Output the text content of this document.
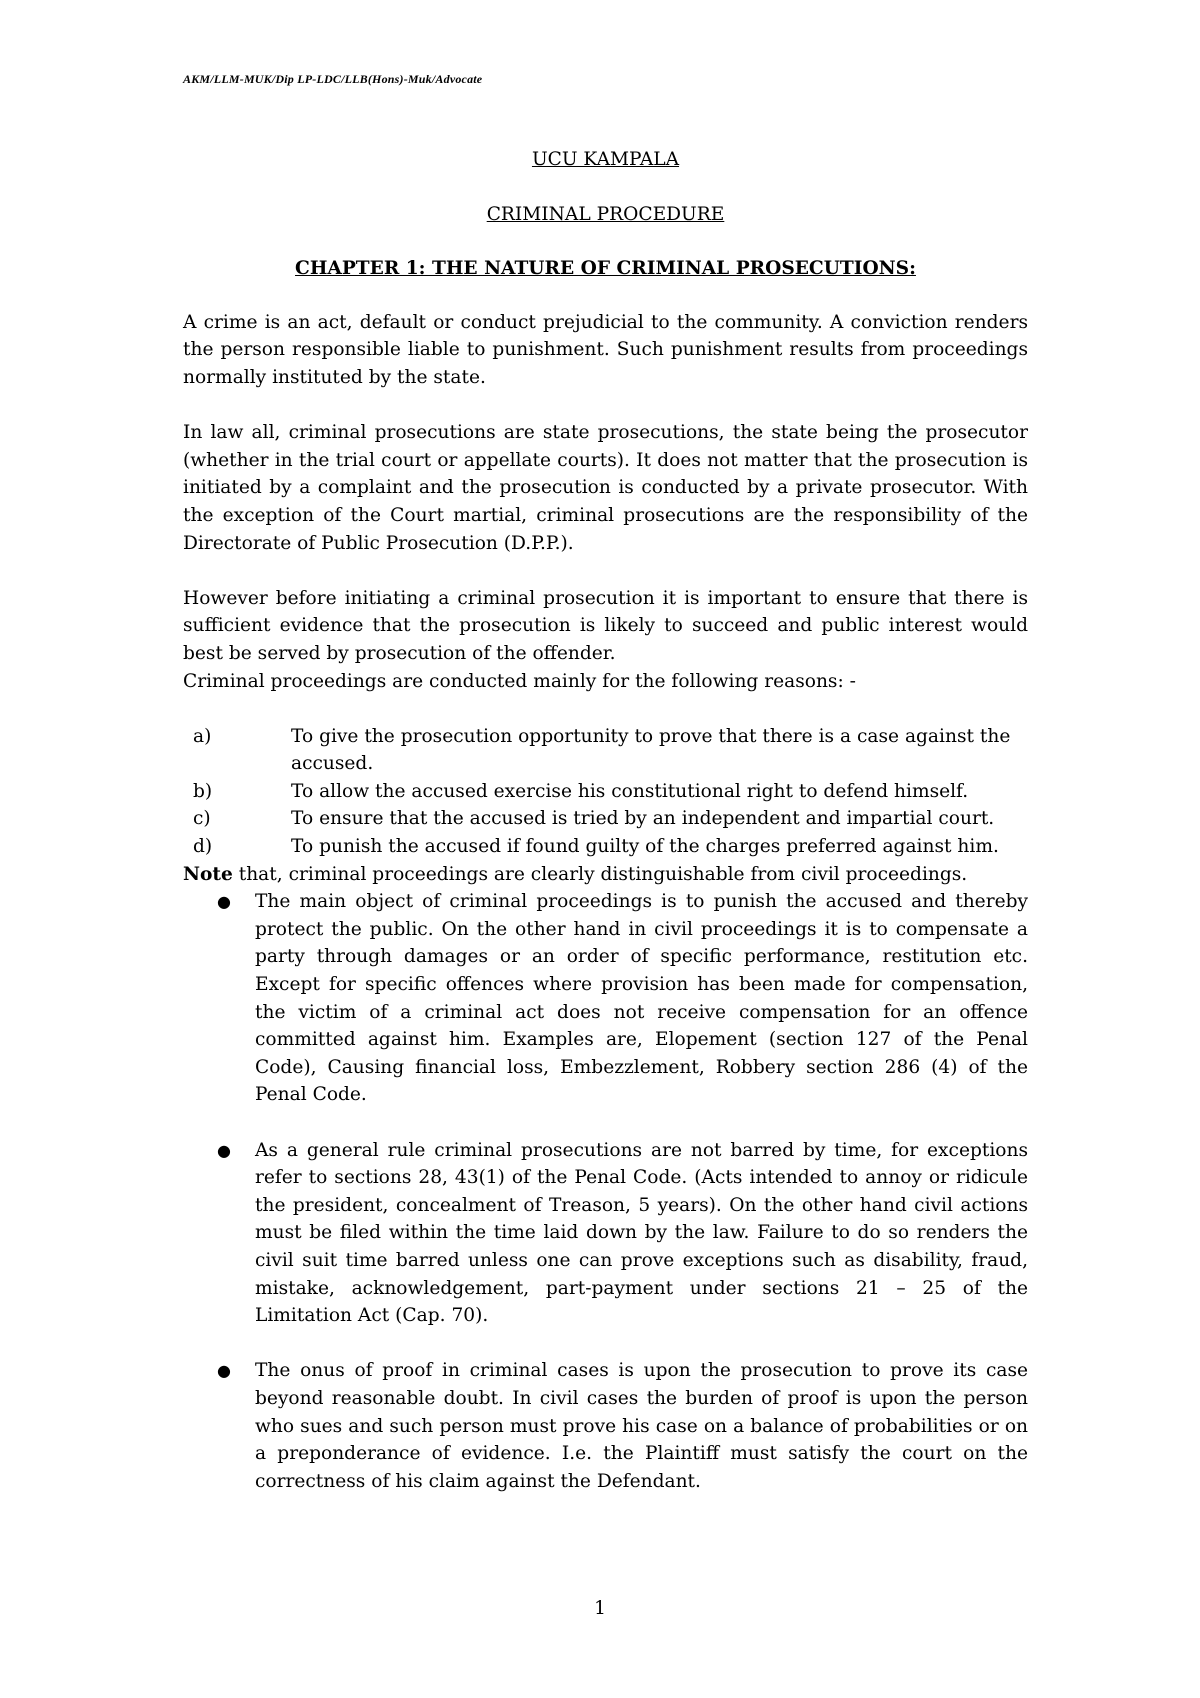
AKM/LLM-MUK/Dip LP-LDC/LLB(Hons)-Muk/Advocate
UCU KAMPALA
CRIMINAL PROCEDURE
CHAPTER 1: THE NATURE OF CRIMINAL PROSECUTIONS:

A crime is an act, default or conduct prejudicial to the community. A conviction renders the person responsible liable to punishment. Such punishment results from proceedings normally instituted by the state.

In law all, criminal prosecutions are state prosecutions, the state being the prosecutor (whether in the trial court or appellate courts). It does not matter that the prosecution is initiated by a complaint and the prosecution is conducted by a private prosecutor. With the exception of the Court martial, criminal prosecutions are the responsibility of the Directorate of Public Prosecution (D.P.P.).

However before initiating a criminal prosecution it is important to ensure that there is sufficient evidence that the prosecution is likely to succeed and public interest would best be served by prosecution of the offender.

Criminal proceedings are conducted mainly for the following reasons: -

a)	To give the prosecution opportunity to prove that there is a case against the accused.
b)	To allow the accused exercise his constitutional right to defend himself.
c)	To ensure that the accused is tried by an independent and impartial court.
d)	To punish the accused if found guilty of the charges preferred against him.

Note that, criminal proceedings are clearly distinguishable from civil proceedings.

●	The main object of criminal proceedings is to punish the accused and thereby protect the public. On the other hand in civil proceedings it is to compensate a party through damages or an order of specific performance, restitution etc. Except for specific offences where provision has been made for compensation, the victim of a criminal act does not receive compensation for an offence committed against him. Examples are, Elopement (section 127 of the Penal Code), Causing financial loss, Embezzlement, Robbery section 286 (4) of the Penal Code.
●	As a general rule criminal prosecutions are not barred by time, for exceptions refer to sections 28, 43(1) of the Penal Code. (Acts intended to annoy or ridicule the president, concealment of Treason, 5 years). On the other hand civil actions must be filed within the time laid down by the law. Failure to do so renders the civil suit time barred unless one can prove exceptions such as disability, fraud, mistake, acknowledgement, part-payment under sections 21 – 25 of the Limitation Act (Cap. 70).
●	The onus of proof in criminal cases is upon the prosecution to prove its case beyond reasonable doubt. In civil cases the burden of proof is upon the person who sues and such person must prove his case on a balance of probabilities or on a preponderance of evidence. I.e. the Plaintiff must satisfy the court on the correctness of his claim against the Defendant.
1
